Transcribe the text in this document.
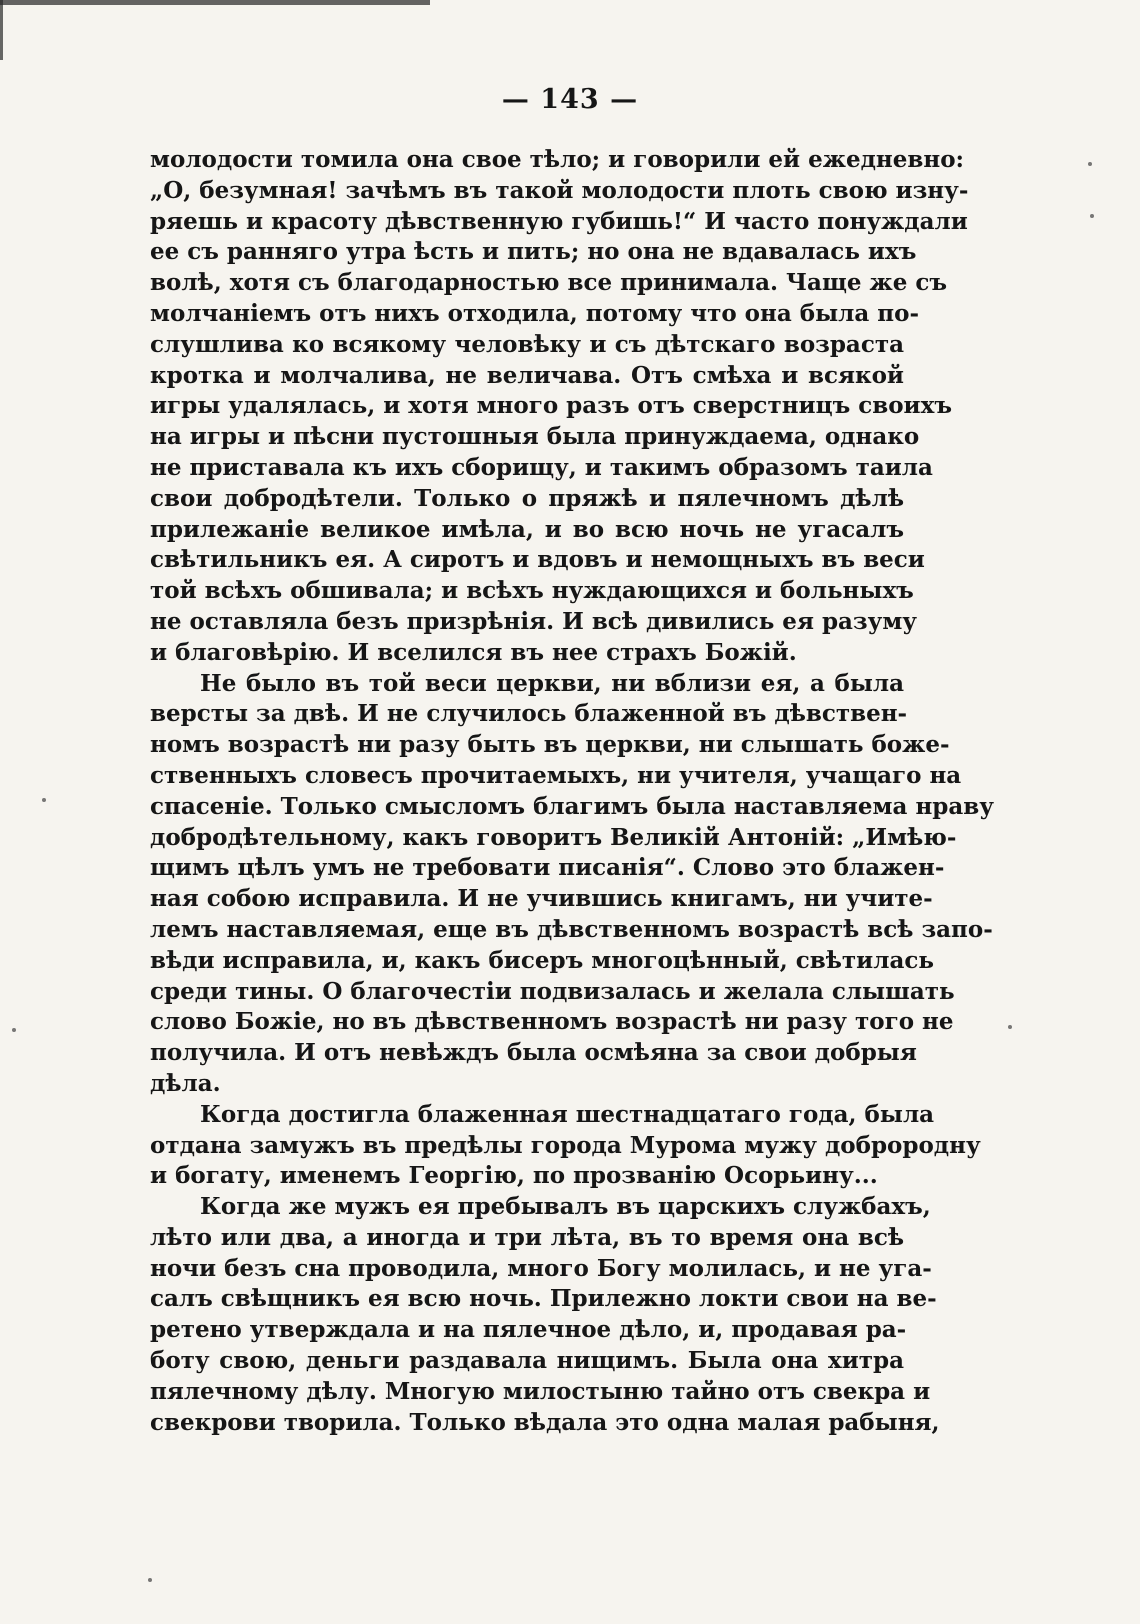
— 143 —

молодости томила она свое тѣло; и говорили ей ежедневно:
„О, безумная! зачѣмъ въ такой молодости плоть свою изну-
ряешь и красоту дѣвственную губишь!“ И часто понуждали
ее съ ранняго утра ѣсть и пить; но она не вдавалась ихъ
волѣ, хотя съ благодарностью все принимала. Чаще же съ
молчанiемъ отъ нихъ отходила, потому что она была по-
слушлива ко всякому человѣку и съ дѣтскаго возраста
кротка и молчалива, не величава. Отъ смѣха и всякой
игры удалялась, и хотя много разъ отъ сверстницъ своихъ
на игры и пѣсни пустошныя была принуждаема, однако
не приставала къ ихъ сборищу, и такимъ образомъ таила
свои добродѣтели. Только о пряжѣ и пялечномъ дѣлѣ
прилежанiе великое имѣла, и во всю ночь не угасалъ
свѣтильникъ ея. А сиротъ и вдовъ и немощныхъ въ веси
той всѣхъ обшивала; и всѣхъ нуждающихся и больныхъ
не оставляла безъ призрѣнiя. И всѣ дивились ея разуму
и благовѣрiю. И вселился въ нее страхъ Божiй.

Не было въ той веси церкви, ни вблизи ея, а была
версты за двѣ. И не случилось блаженной въ дѣвствен-
номъ возрастѣ ни разу быть въ церкви, ни слышать боже-
ственныхъ словесъ прочитаемыхъ, ни учителя, учащаго на
спасенiе. Только смысломъ благимъ была наставляема нраву
добродѣтельному, какъ говоритъ Великiй Антонiй: „Имѣю-
щимъ цѣлъ умъ не требовати писанiя“. Слово это блажен-
ная собою исправила. И не учившись книгамъ, ни учите-
лемъ наставляемая, еще въ дѣвственномъ возрастѣ всѣ запо-
вѣди исправила, и, какъ бисеръ многоцѣнный, свѣтилась
среди тины. О благочестiи подвизалась и желала слышать
слово Божiе, но въ дѣвственномъ возрастѣ ни разу того не
получила. И отъ невѣждъ была осмѣяна за свои добрыя
дѣла.

Когда достигла блаженная шестнадцатаго года, была
отдана замужъ въ предѣлы города Мурома мужу доброродну
и богату, именемъ Георгiю, по прозванiю Осорьину...

Когда же мужъ ея пребывалъ въ царскихъ службахъ,
лѣто или два, а иногда и три лѣта, въ то время она всѣ
ночи безъ сна проводила, много Богу молилась, и не уга-
салъ свѣщникъ ея всю ночь. Прилежно локти свои на ве-
ретено утверждала и на пялечное дѣло, и, продавая ра-
боту свою, деньги раздавала нищимъ. Была она хитра
пялечному дѣлу. Многую милостыню тайно отъ свекра и
свекрови творила. Только вѣдала это одна малая рабыня,
